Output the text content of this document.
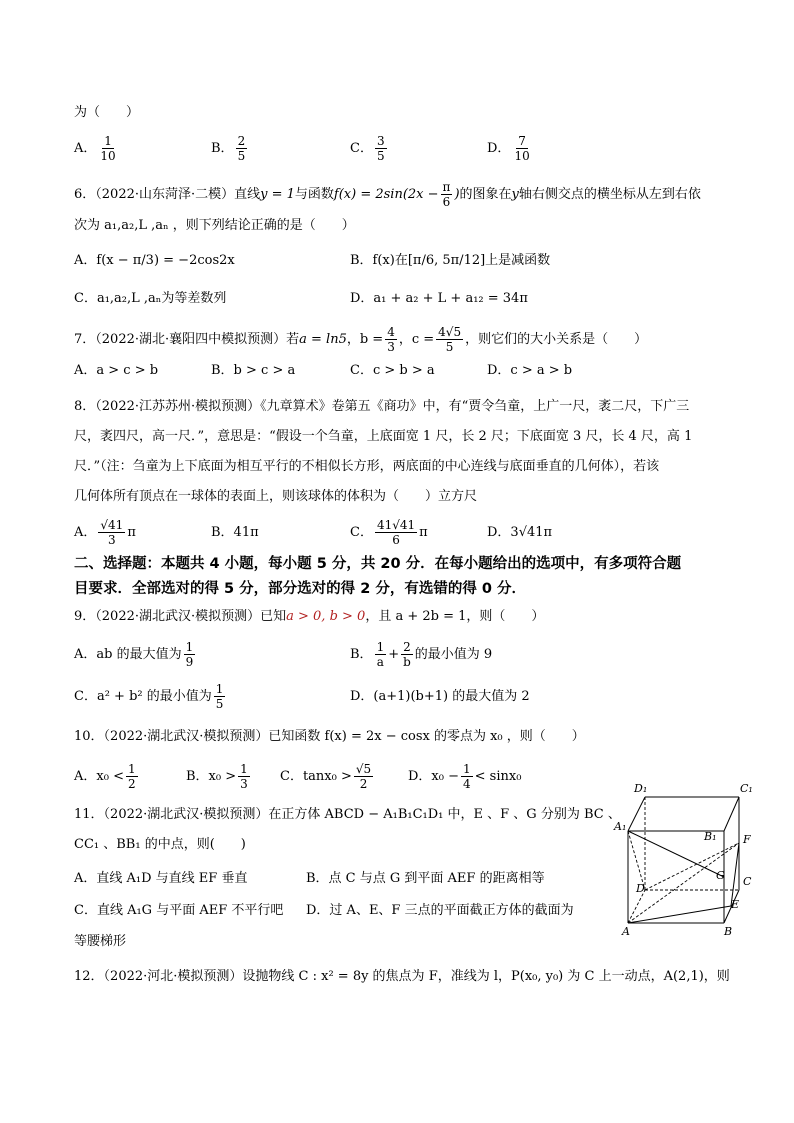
为（　　）
A． $\frac{1}{10}$	B． $\frac{2}{5}$	C． $\frac{3}{5}$	D． $\frac{7}{10}$
6．（2022·山东菏泽·二模）直线y = 1与函数$f(x) = 2\sin(2x - \frac{\pi}{6}$ )的图象在y轴右侧交点的横坐标从左到右依
次为 a₁,a₂,L ,aₙ ，则下列结论正确的是（　　）
A．f(x − π/3) = −2cos2x	B．f(x)在[π/6, 5π/12]上是减函数
C．a₁,a₂,L ,aₙ为等差数列	D．a₁ + a₂ + L + a₁₂ = 34π
7．（2022·湖北·襄阳四中模拟预测）若a = ln5，$b = \frac{4}{3}$ ，$c = \frac{4√5}{5}$ ，则它们的大小关系是（　　）
A．a > c > b	B．b > c > a	C．c > b > a	D．c > a > b
8．（2022·江苏苏州·模拟预测）《九章算术》卷第五《商功》中，有“贾令刍童，上广一尺，袤二尺，下广三
尺，袤四尺，高一尺．”，意思是：“假设一个刍童，上底面宽 1 尺，长 2 尺；下底面宽 3 尺，长 4 尺，高 1
尺．”（注：刍童为上下底面为相互平行的不相似长方形，两底面的中心连线与底面垂直的几何体），若该
几何体所有顶点在一球体的表面上，则该球体的体积为（　　）立方尺
A． $\frac{√41}{3}$ π	B．41π	C． $\frac{41√41}{6}$ π	D．3√41π
二、选择题：本题共 4 小题，每小题 5 分，共 20 分．在每小题给出的选项中，有多项符合题
目要求．全部选对的得 5 分，部分选对的得 2 分，有选错的得 0 分．
9．（2022·湖北武汉·模拟预测）已知a > 0, b > 0，且 a + 2b = 1，则（　　）
A．ab 的最大值为 $\frac{1}{9}$	B． $\frac{1}{a} + \frac{2}{b}$ 的最小值为 9
C．a² + b² 的最小值为 $\frac{1}{5}$	D．(a+1)(b+1) 的最大值为 2
10．（2022·湖北武汉·模拟预测）已知函数 f(x) = 2x − cosx 的零点为 x₀ ，则（　　）
A．$x_0 < \frac{1}{2}$	B．$x_0 > \frac{1}{3}$ C．$\tan x_0 > \frac{√5}{2}$	D．$x_0 - \frac{1}{4} < \sin x_0$
11．（2022·湖北武汉·模拟预测）在正方体 ABCD − A₁B₁C₁D₁ 中，E 、F 、G 分别为 BC 、
CC₁ 、BB₁ 的中点，则(　　)
A．直线 A₁D 与直线 EF 垂直	B．点 C 与点 G 到平面 AEF 的距离相等
C．直线 A₁G 与平面 AEF 不平行吧 D．过 A、E、F 三点的平面截正方体的截面为
等腰梯形
D₁	C₁
A₁
B₁ F
G C
D
E
A	B
12．（2022·河北·模拟预测）设抛物线 C : x² = 8y 的焦点为 F，准线为 l，P(x₀, y₀) 为 C 上一动点，A(2,1)，则
